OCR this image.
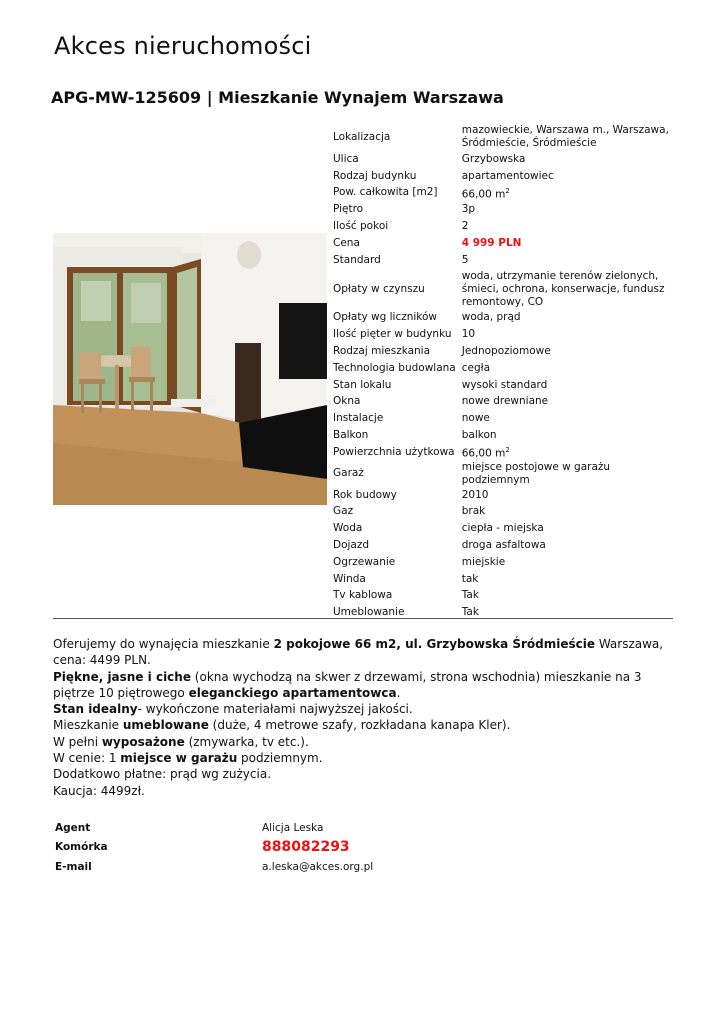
Akces nieruchomości
APG-MW-125609 | Mieszkanie Wynajem Warszawa
Lokalizacja	mazowieckie, Warszawa m., Warszawa, Śródmieście, Śródmieście
Ulica	Grzybowska
Rodzaj budynku	apartamentowiec
Pow. całkowita [m2]	66,00 $m^2$
Piętro	3p
Ilość pokoi	2
Cena	4 999 PLN
Standard	5
Opłaty w czynszu	woda, utrzymanie terenów zielonych, śmieci, ochrona, konserwacje, fundusz remontowy, CO
Opłaty wg liczników	woda, prąd
Ilość pięter w budynku	10
Rodzaj mieszkania	Jednopoziomowe
Technologia budowlana	cegła
Stan lokalu	wysoki standard
Okna	nowe drewniane
Instalacje	nowe
Balkon	balkon
Powierzchnia użytkowa	66,00 $m^2$
Garaż	miejsce postojowe w garażu podziemnym
Rok budowy	2010
Gaz	brak
Woda	ciepła - miejska
Dojazd	droga asfaltowa
Ogrzewanie	miejskie
Winda	tak
Tv kablowa	Tak
Umeblowanie	Tak

Oferujemy do wynajęcia mieszkanie 2 pokojowe 66 m2, ul. Grzybowska Śródmieście Warszawa,

cena: 4499 PLN.

Piękne, jasne i ciche (okna wychodzą na skwer z drzewami, strona wschodnia) mieszkanie na 3 piętrze 10 piętrowego eleganckiego apartamentowca.

Stan idealny- wykończone materiałami najwyższej jakości.

Mieszkanie umeblowane (duże, 4 metrowe szafy, rozkładana kanapa Kler).

W pełni wyposażone (zmywarka, tv etc.).

W cenie: 1 miejsce w garażu podziemnym.

Dodatkowo płatne: prąd wg zużycia.

Kaucja: 4499zł.

Agent	Alicja Leska
Komórka	888082293
E-mail	a.leska@akces.org.pl
